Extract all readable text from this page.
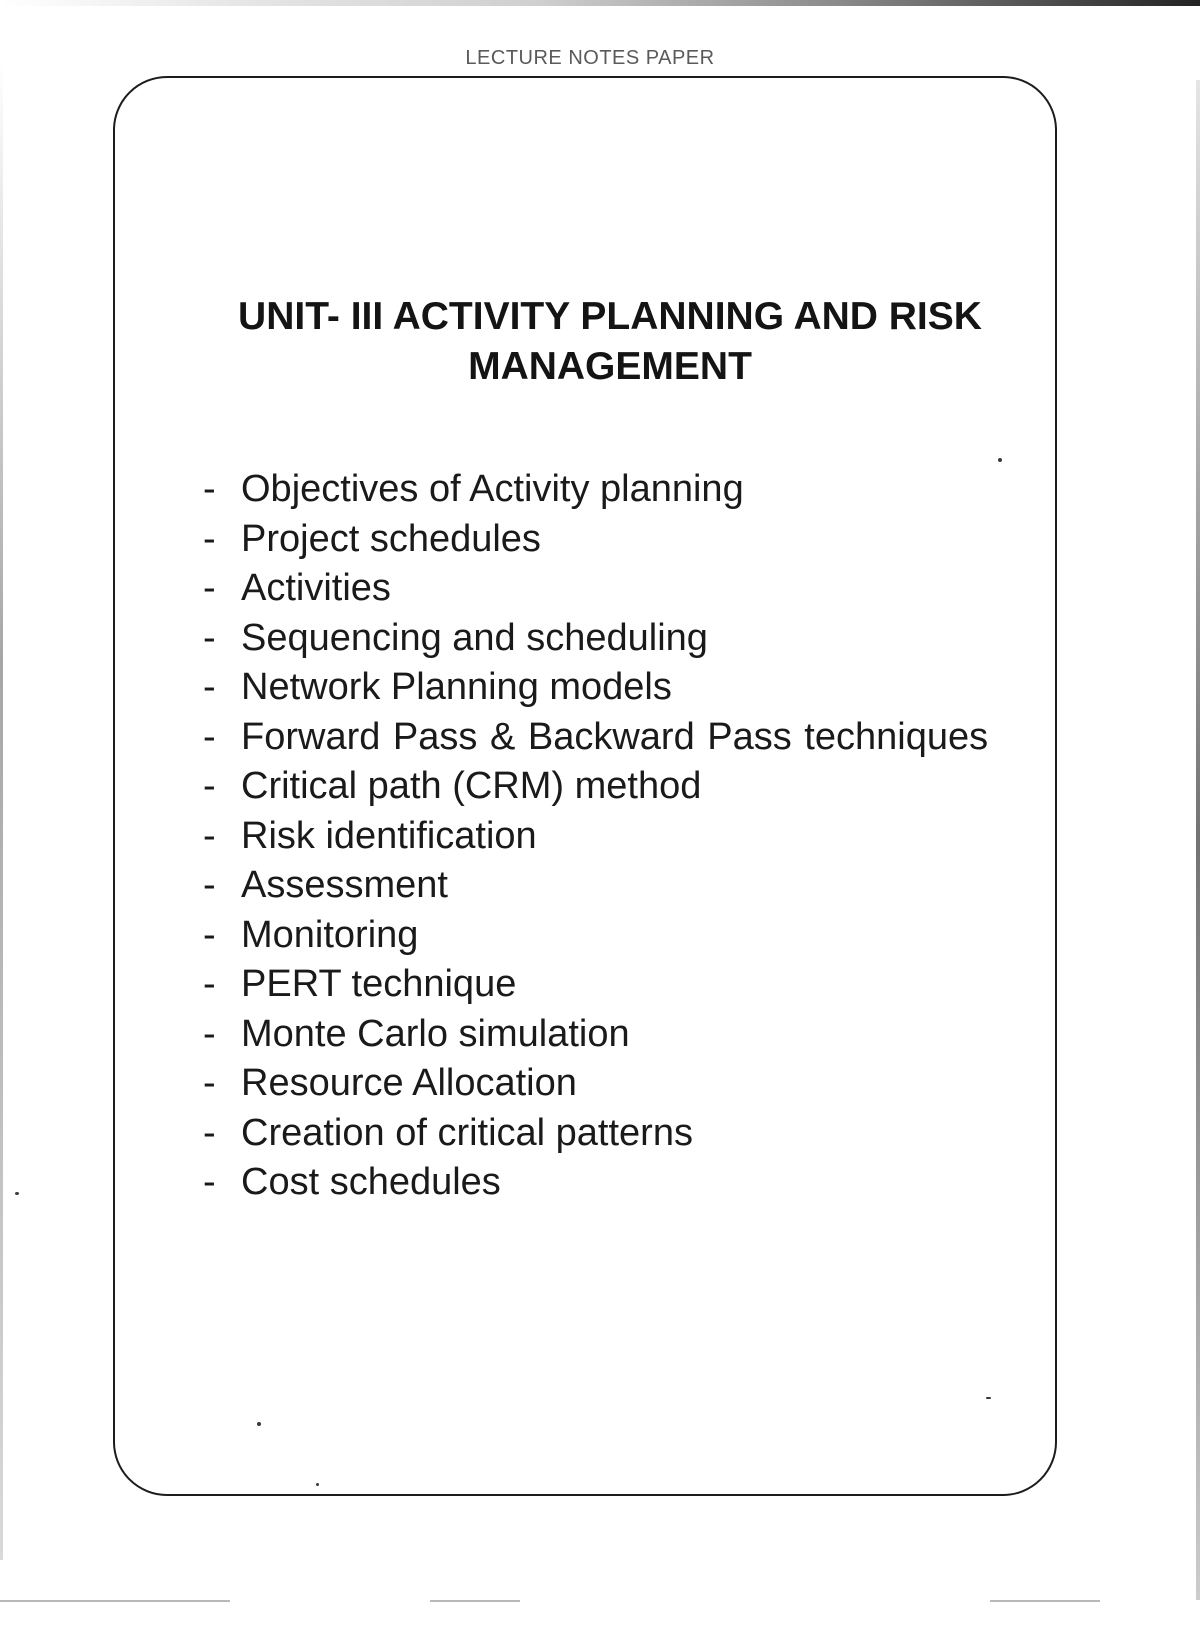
LECTURE NOTES PAPER
UNIT- III ACTIVITY PLANNING AND RISK MANAGEMENT
- Objectives of Activity planning
- Project schedules
- Activities
- Sequencing and scheduling
- Network Planning models
- Forward Pass & Backward Pass techniques
- Critical path (CRM) method
- Risk identification
- Assessment
- Monitoring
- PERT technique
- Monte Carlo simulation
- Resource Allocation
- Creation of critical patterns
- Cost schedules
